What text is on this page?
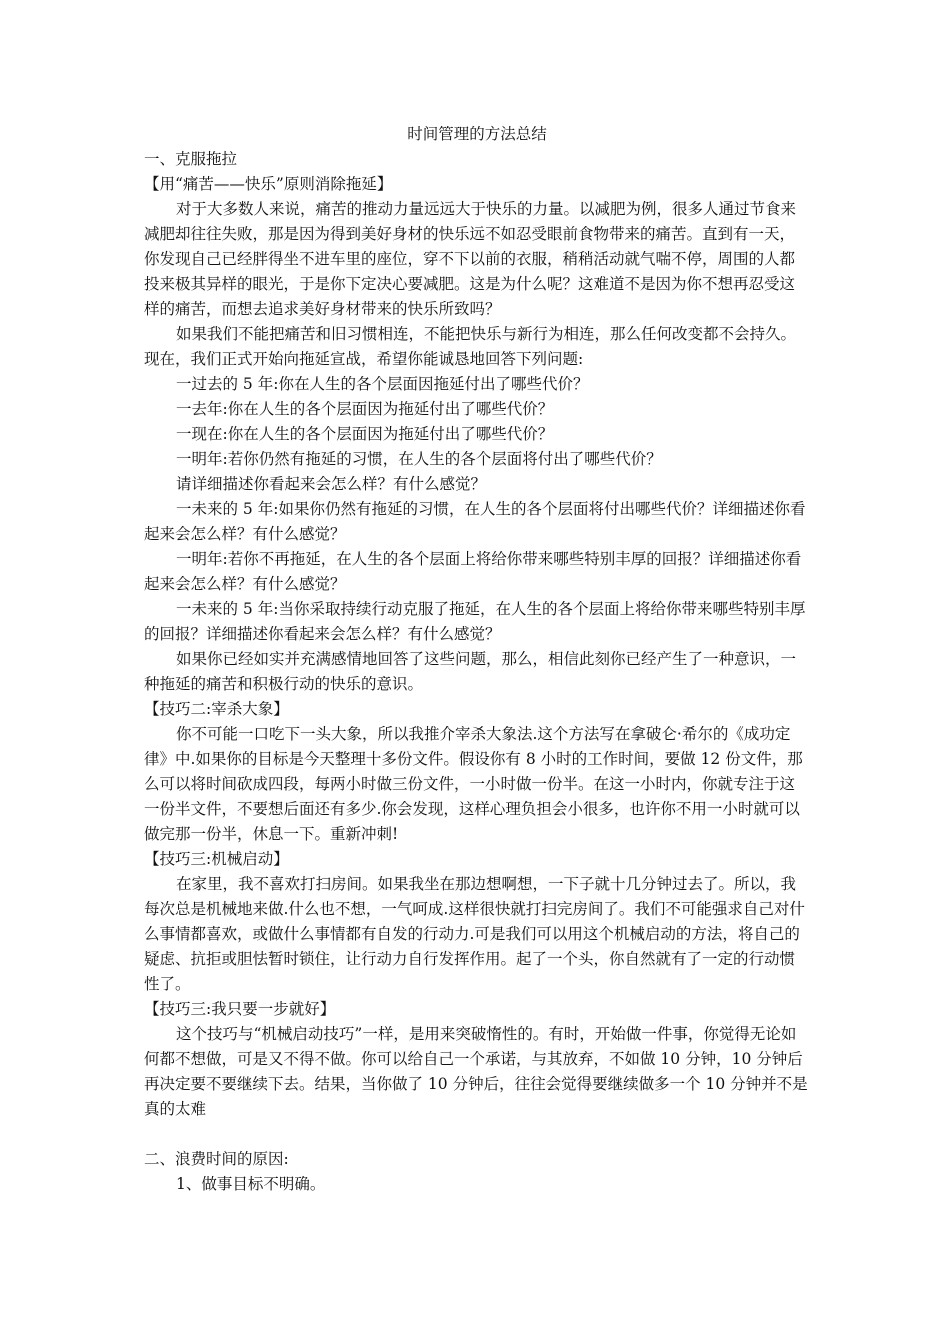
时间管理的方法总结

一、克服拖拉

【用“痛苦——快乐”原则消除拖延】

对于大多数人来说，痛苦的推动力量远远大于快乐的力量。以减肥为例，很多人通过节食来减肥却往往失败，那是因为得到美好身材的快乐远不如忍受眼前食物带来的痛苦。直到有一天，你发现自己已经胖得坐不进车里的座位，穿不下以前的衣服，稍稍活动就气喘不停，周围的人都投来极其异样的眼光，于是你下定决心要减肥。这是为什么呢？这难道不是因为你不想再忍受这样的痛苦，而想去追求美好身材带来的快乐所致吗？

如果我们不能把痛苦和旧习惯相连，不能把快乐与新行为相连，那么任何改变都不会持久。

现在，我们正式开始向拖延宣战，希望你能诚恳地回答下列问题:

一过去的 5 年:你在人生的各个层面因拖延付出了哪些代价？

一去年:你在人生的各个层面因为拖延付出了哪些代价？

一现在:你在人生的各个层面因为拖延付出了哪些代价？

一明年:若你仍然有拖延的习惯，在人生的各个层面将付出了哪些代价？

请详细描述你看起来会怎么样？有什么感觉？

一未来的 5 年:如果你仍然有拖延的习惯，在人生的各个层面将付出哪些代价？详细描述你看起来会怎么样？有什么感觉？

一明年:若你不再拖延，在人生的各个层面上将给你带来哪些特别丰厚的回报？详细描述你看起来会怎么样？有什么感觉？

一未来的 5 年:当你采取持续行动克服了拖延，在人生的各个层面上将给你带来哪些特别丰厚的回报？详细描述你看起来会怎么样？有什么感觉？

如果你已经如实并充满感情地回答了这些问题，那么，相信此刻你已经产生了一种意识，一种拖延的痛苦和积极行动的快乐的意识。

【技巧二:宰杀大象】

你不可能一口吃下一头大象，所以我推介宰杀大象法.这个方法写在拿破仑·希尔的《成功定律》中.如果你的目标是今天整理十多份文件。假设你有 8 小时的工作时间，要做 12 份文件，那么可以将时间砍成四段，每两小时做三份文件，一小时做一份半。在这一小时内，你就专注于这一份半文件，不要想后面还有多少.你会发现，这样心理负担会小很多，也许你不用一小时就可以做完那一份半，休息一下。重新冲刺!

【技巧三:机械启动】

在家里，我不喜欢打扫房间。如果我坐在那边想啊想，一下子就十几分钟过去了。所以，我每次总是机械地来做.什么也不想，一气呵成.这样很快就打扫完房间了。我们不可能强求自己对什么事情都喜欢，或做什么事情都有自发的行动力.可是我们可以用这个机械启动的方法，将自己的疑虑、抗拒或胆怯暂时锁住，让行动力自行发挥作用。起了一个头，你自然就有了一定的行动惯性了。

【技巧三:我只要一步就好】

这个技巧与“机械启动技巧”一样，是用来突破惰性的。有时，开始做一件事，你觉得无论如何都不想做，可是又不得不做。你可以给自己一个承诺，与其放弃，不如做 10 分钟，10 分钟后再决定要不要继续下去。结果，当你做了 10 分钟后，往往会觉得要继续做多一个 10 分钟并不是真的太难

二、浪费时间的原因:

1、做事目标不明确。
